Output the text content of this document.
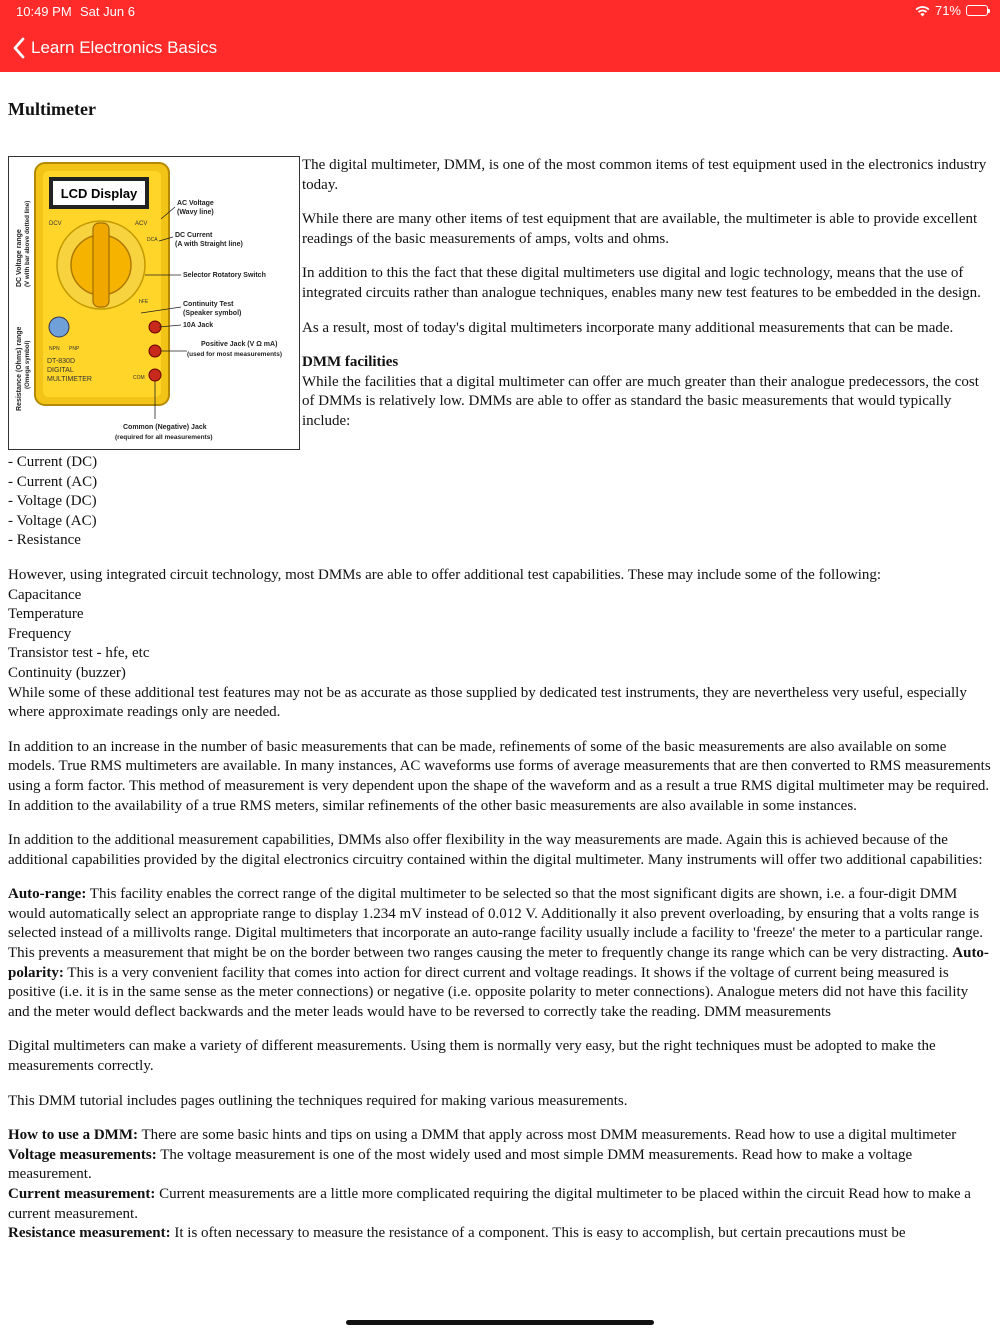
10:49 PM Sat Jun 6	71%
Learn Electronics Basics
Multimeter
LCD Display
DCV	ACV
DCA
hFE
NPN PNP
COM
DT-830D
DIGITAL
MULTIMETER
DC Voltage range (V with bar above dotted line)
Resistance (Ohms) range (Omega symbol)
AC Voltage
(Wavy line)
DC Current
(A with Straight line)
Selector Rotatory Switch
Continuity Test
(Speaker symbol)
10A Jack
Positive Jack (V Ω mA)
(used for most measurements)
Common (Negative) Jack
(required for all measurements)

The digital multimeter, DMM, is one of the most common items of test equipment used in the electronics industry today.

While there are many other items of test equipment that are available, the multimeter is able to provide excellent readings of the basic measurements of amps, volts and ohms.

In addition to this the fact that these digital multimeters use digital and logic technology, means that the use of integrated circuits rather than analogue techniques, enables many new test features to be embedded in the design.

As a result, most of today's digital multimeters incorporate many additional measurements that can be made.

DMM facilities

While the facilities that a digital multimeter can offer are much greater than their analogue predecessors, the cost of DMMs is relatively low. DMMs are able to offer as standard the basic measurements that would typically include:

- Current (DC)
- Current (AC)
- Voltage (DC)
- Voltage (AC)
- Resistance
However, using integrated circuit technology, most DMMs are able to offer additional test capabilities. These may include some of the following:
Capacitance
Temperature
Frequency
Transistor test - hfe, etc
Continuity (buzzer)

While some of these additional test features may not be as accurate as those supplied by dedicated test instruments, they are nevertheless very useful, especially where approximate readings only are needed.

In addition to an increase in the number of basic measurements that can be made, refinements of some of the basic measurements are also available on some models. True RMS multimeters are available. In many instances, AC waveforms use forms of average measurements that are then converted to RMS measurements using a form factor. This method of measurement is very dependent upon the shape of the waveform and as a result a true RMS digital multimeter may be required. In addition to the availability of a true RMS meters, similar refinements of the other basic measurements are also available in some instances.

In addition to the additional measurement capabilities, DMMs also offer flexibility in the way measurements are made. Again this is achieved because of the additional capabilities provided by the digital electronics circuitry contained within the digital multimeter. Many instruments will offer two additional capabilities:

Auto-range: This facility enables the correct range of the digital multimeter to be selected so that the most significant digits are shown, i.e. a four-digit DMM would automatically select an appropriate range to display 1.234 mV instead of 0.012 V. Additionally it also prevent overloading, by ensuring that a volts range is selected instead of a millivolts range. Digital multimeters that incorporate an auto-range facility usually include a facility to 'freeze' the meter to a particular range. This prevents a measurement that might be on the border between two ranges causing the meter to frequently change its range which can be very distracting. Auto-polarity: This is a very convenient facility that comes into action for direct current and voltage readings. It shows if the voltage of current being measured is positive (i.e. it is in the same sense as the meter connections) or negative (i.e. opposite polarity to meter connections). Analogue meters did not have this facility and the meter would deflect backwards and the meter leads would have to be reversed to correctly take the reading. DMM measurements

Digital multimeters can make a variety of different measurements. Using them is normally very easy, but the right techniques must be adopted to make the measurements correctly.

This DMM tutorial includes pages outlining the techniques required for making various measurements.

How to use a DMM: There are some basic hints and tips on using a DMM that apply across most DMM measurements. Read how to use a digital multimeter
Voltage measurements: The voltage measurement is one of the most widely used and most simple DMM measurements. Read how to make a voltage measurement.
Current measurement: Current measurements are a little more complicated requiring the digital multimeter to be placed within the circuit Read how to make a current measurement.
Resistance measurement: It is often necessary to measure the resistance of a component. This is easy to accomplish, but certain precautions must be
